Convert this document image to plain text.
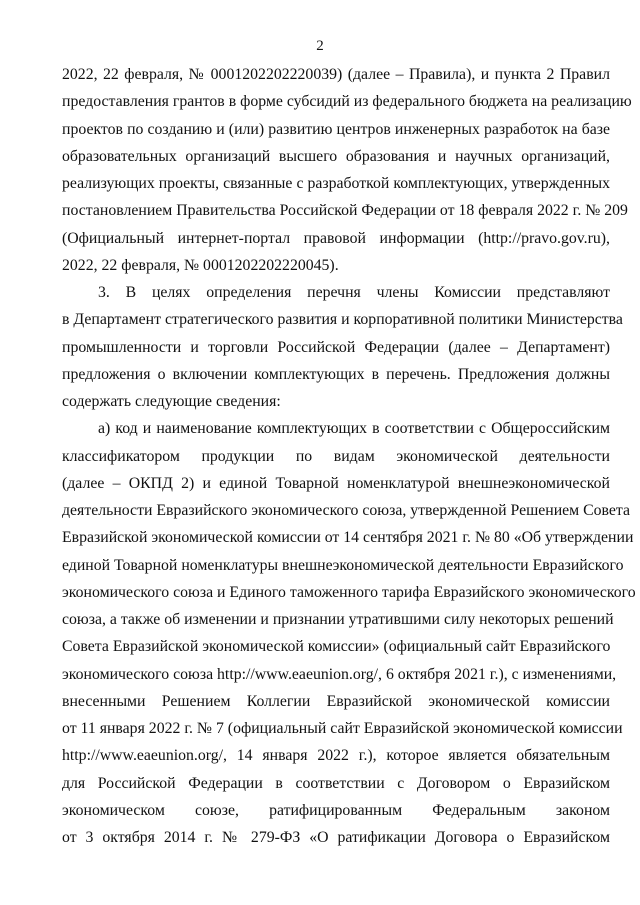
2
2022, 22 февраля, № 0001202202220039) (далее – Правила), и пункта 2 Правил
предоставления грантов в форме субсидий из федерального бюджета на реализацию
проектов по созданию и (или) развитию центров инженерных разработок на базе
образовательных организаций высшего образования и научных организаций,
реализующих проекты, связанные с разработкой комплектующих, утвержденных
постановлением Правительства Российской Федерации от 18 февраля 2022 г. № 209
(Официальный интернет-портал правовой информации (http://pravo.gov.ru),
2022, 22 февраля, № 0001202202220045).
3. В целях определения перечня члены Комиссии представляют
в Департамент стратегического развития и корпоративной политики Министерства
промышленности и торговли Российской Федерации (далее – Департамент)
предложения о включении комплектующих в перечень. Предложения должны
содержать следующие сведения:
а) код и наименование комплектующих в соответствии с Общероссийским
классификатором продукции по видам экономической деятельности
(далее – ОКПД 2) и единой Товарной номенклатурой внешнеэкономической
деятельности Евразийского экономического союза, утвержденной Решением Совета
Евразийской экономической комиссии от 14 сентября 2021 г. № 80 «Об утверждении
единой Товарной номенклатуры внешнеэкономической деятельности Евразийского
экономического союза и Единого таможенного тарифа Евразийского экономического
союза, а также об изменении и признании утратившими силу некоторых решений
Совета Евразийской экономической комиссии» (официальный сайт Евразийского
экономического союза http://www.eaeunion.org/, 6 октября 2021 г.), с изменениями,
внесенными Решением Коллегии Евразийской экономической комиссии
от 11 января 2022 г. № 7 (официальный сайт Евразийской экономической комиссии
http://www.eaeunion.org/, 14 января 2022 г.), которое является обязательным
для Российской Федерации в соответствии с Договором о Евразийском
экономическом союзе, ратифицированным Федеральным законом
от 3 октября 2014 г. № 279-ФЗ «О ратификации Договора о Евразийском
